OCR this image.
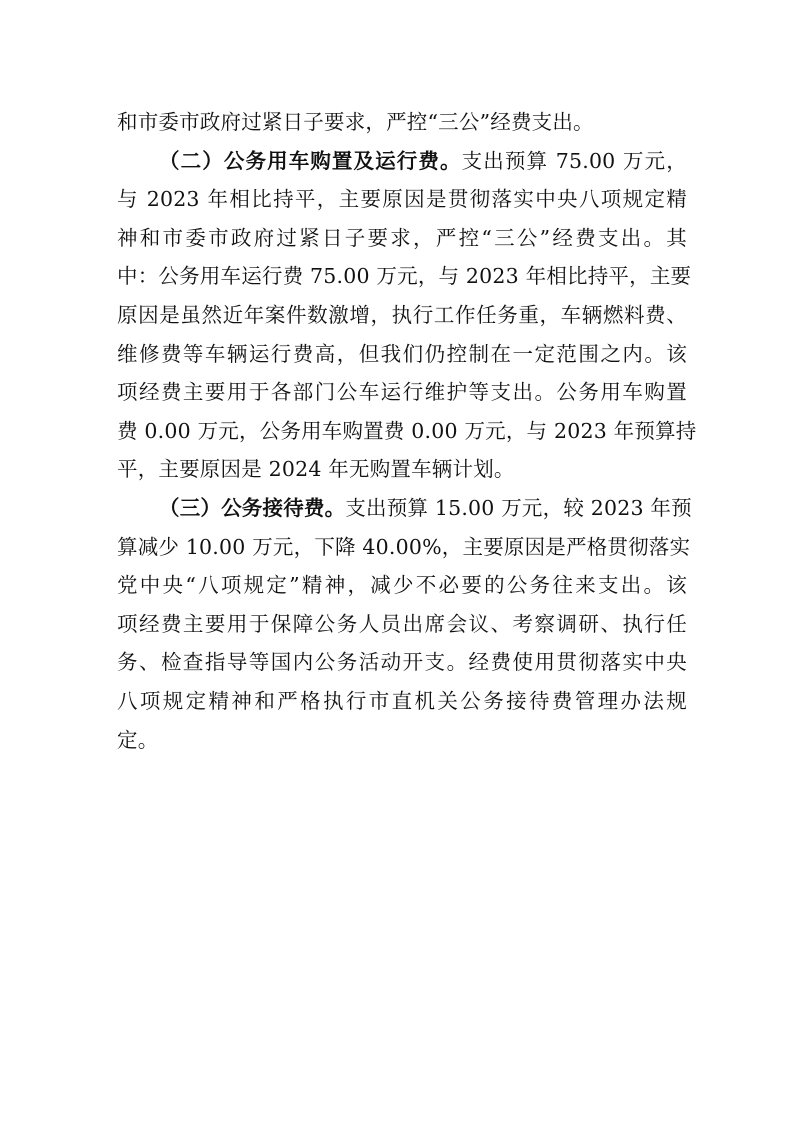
和市委市政府过紧日子要求，严控“三公”经费支出。
（二）公务用车购置及运行费。支出预算 75.00 万元，
与 2023 年相比持平，主要原因是贯彻落实中央八项规定精
神和市委市政府过紧日子要求，严控“三公”经费支出。其
中：公务用车运行费 75.00 万元，与 2023 年相比持平，主要
原因是虽然近年案件数激增，执行工作任务重，车辆燃料费、
维修费等车辆运行费高，但我们仍控制在一定范围之内。该
项经费主要用于各部门公车运行维护等支出。公务用车购置
费 0.00 万元，公务用车购置费 0.00 万元，与 2023 年预算持
平，主要原因是 2024 年无购置车辆计划。
（三）公务接待费。支出预算 15.00 万元，较 2023 年预
算减少 10.00 万元，下降 40.00%，主要原因是严格贯彻落实
党中央“八项规定”精神，减少不必要的公务往来支出。该
项经费主要用于保障公务人员出席会议、考察调研、执行任
务、检查指导等国内公务活动开支。经费使用贯彻落实中央
八项规定精神和严格执行市直机关公务接待费管理办法规
定。
